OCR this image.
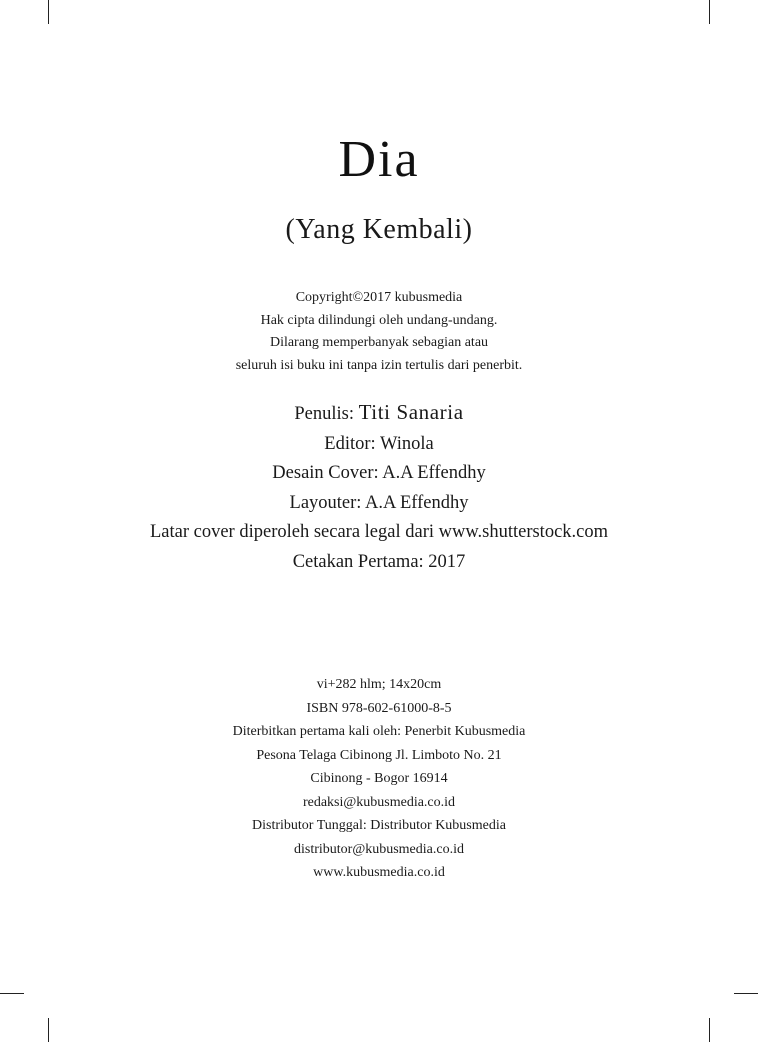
Dia
(Yang Kembali)
Copyright©2017 kubusmedia
Hak cipta dilindungi oleh undang-undang.
Dilarang memperbanyak sebagian atau
seluruh isi buku ini tanpa izin tertulis dari penerbit.
Penulis: Titi Sanaria
Editor: Winola
Desain Cover: A.A Effendhy
Layouter: A.A Effendhy
Latar cover diperoleh secara legal dari www.shutterstock.com
Cetakan Pertama: 2017
vi+282 hlm; 14x20cm
ISBN 978-602-61000-8-5
Diterbitkan pertama kali oleh: Penerbit Kubusmedia
Pesona Telaga Cibinong Jl. Limboto No. 21
Cibinong - Bogor 16914
redaksi@kubusmedia.co.id
Distributor Tunggal: Distributor Kubusmedia
distributor@kubusmedia.co.id
www.kubusmedia.co.id
